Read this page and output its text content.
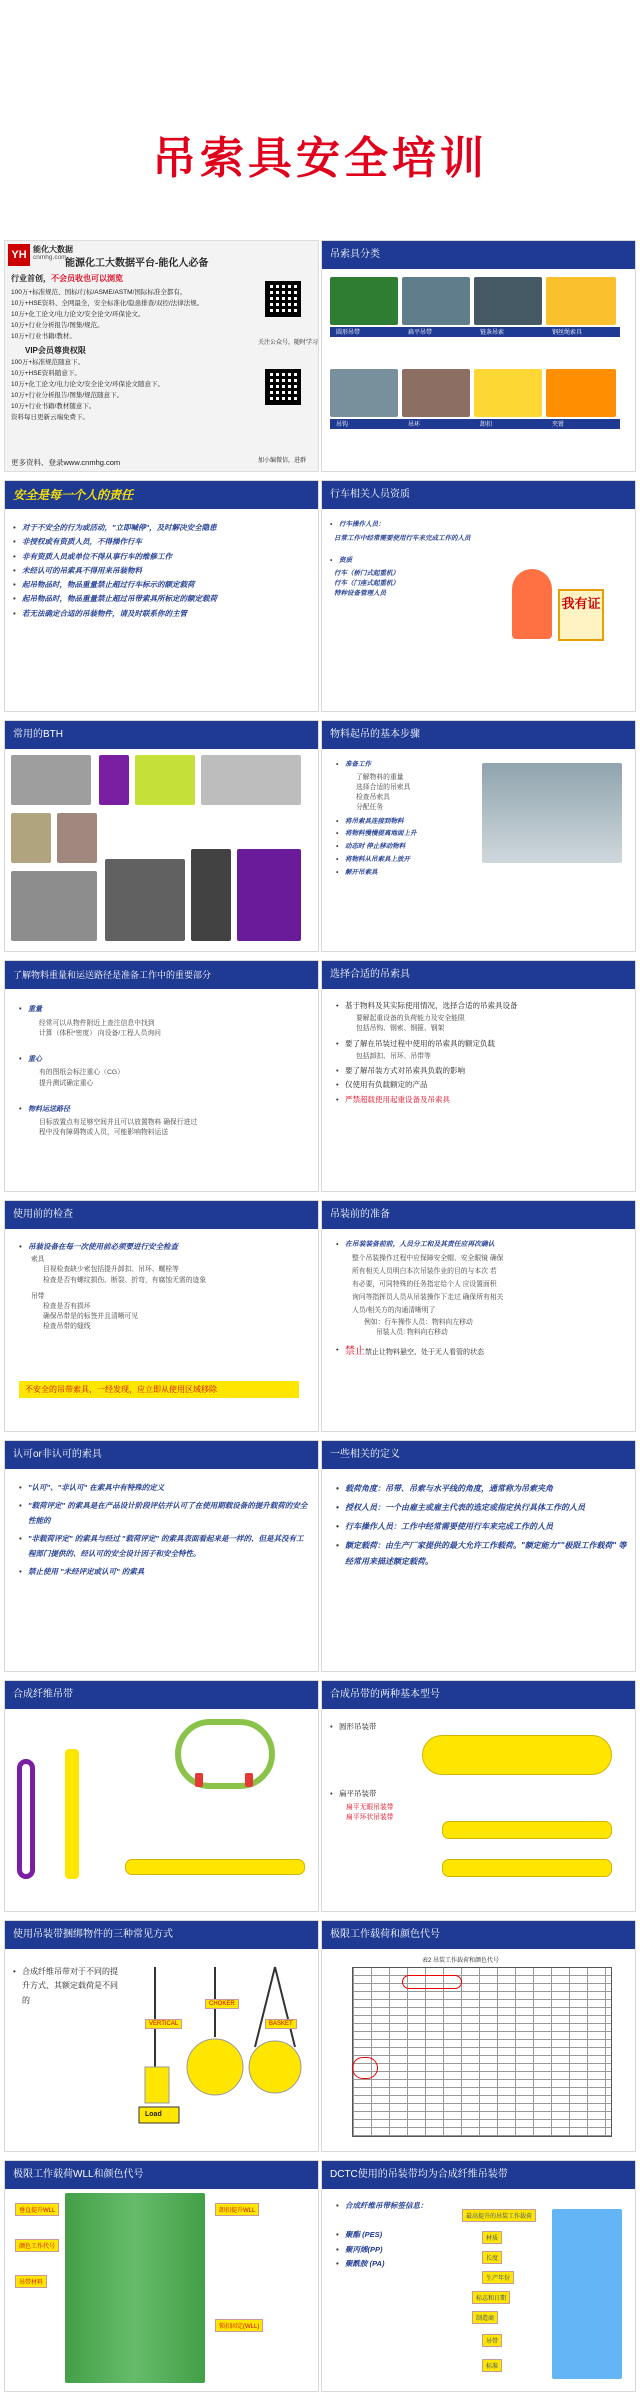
吊索具安全培训
YH 能化大数据
cnmhg.com
能源化工大数据平台-能化人必备
行业首创，不会员收也可以浏览
100万+标准规范、国标/行标/ASME/ASTM/国际标准全都有。
10万+HSE资料、全网最全，安全标准化/隐患排查/双控/法律法规。
10万+化工论文/电力论文/安全论文/环保论文。
10万+行业分析报告/图集/规范。
10万+行业书籍/教材。
VIP会员尊贵权限
100万+标准规范随意下。
10万+HSE资料随意下。
10万+化工论文/电力论文/安全论文/环保论文随意下。
10万+行业分析报告/图集/规范随意下。
10万+行业书籍/教材随意下。
资料每日更新云端免费下。
更多资料、登录www.cnmhg.com
关注公众号，随时学习
加小编微信，进群
吊索具分类
圆形吊带	扁平吊带	链条吊索	钢丝绳索具
吊钩	吊环	卸扣	夹钳
安全是每一个人的责任
• 对于不安全的行为或活动，"立即喊停"，及时解决安全隐患
• 非授权或有资质人员，不得操作行车
• 非有资质人员或单位不得从事行车的维修工作
• 未经认可的吊索具不得用来吊装物料
• 起吊物品时，物品重量禁止超过行车标示的额定载荷
• 起吊物品时，物品重量禁止超过吊带索具所标定的额定载荷
• 若无法确定合适的吊装物件，请及时联系你的主管
行车相关人员资质
• 行车操作人员：
日常工作中经常需要使用行车来完成工作的人员
• 资质
行车（桥门式起重机）
行车（门座式起重机）
特种设备管理人员
我有证
常用的BTH	物料起吊的基本步骤
• 准备工作
了解物料的重量
选择合适的吊索具
检查吊索具
分配任务
• 将吊索具连接到物料
• 将物料慢慢提离地面上升
• 动态时 停止移动物料
• 将物料从吊索具上放开
• 解开吊索具
了解物料重量和运送路径是准备工作中的重要部分
• 重量
经常可以从物件附近上查注信息中找到
计算（体积*密度） 向设备/工程人员询问
• 重心
有的图纸会标注重心（CG）
提升测试确定重心
• 物料运送路径
目标放置点有足够空间并且可以放置物料 确保行进过
程中没有障碍物或人员，可能影响物料运送
选择合适的吊索具
• 基于物料及其实际使用情况，选择合适的吊索具设备
要解起重设备的负荷能力及安全能限
包括吊钩、钢索、钢箍、钢架
• 要了解在吊装过程中使用的吊索具的额定负载
包括卸扣、吊环、吊带等
• 要了解吊装方式对吊索具负载的影响
• 仅使用有负载额定的产品
• 严禁超载使用起重设备及吊索具
使用前的检查
• 吊装设备在每一次使用前必须要进行安全检查
索具
目视检查缺少索包括提升卸扣、吊环、螺栓等
检查是否有螺纹损伤、断裂、折弯，有腐蚀无需的迹象
吊带
检查是否有损坏
确保吊带是的标签并且清晰可见
检查吊带的缝线
不安全的吊带索具，一经发现，应立即从使用区域移除
吊装前的准备
• 在吊装装备前前，人员分工和及其责任应再次确认
整个吊装操作过程中应保障安全帽、安全眼镜 确保
所有相关人员明白本次吊装作业的目的与本次 若
有必要，可同特殊的任务指定给个人 应设置面积
询问等指挥员人员从吊装操作下走过 确保所有相关
人员/相关方的沟通清晰明了
例如：行车操作人员：物料向左移动
吊装人员: 物料向右移动
• 禁止禁止让物料悬空、处于无人看管的状态
认可or非认可的索具
• "认可"、"非认可" 在索具中有特殊的定义
• "载荷评定" 的索具是在产品设计阶段评估并认可了在使用期载设备的提升载荷的安全性能的
• "非载荷评定" 的索具与经过 "载荷评定" 的索具表面看起来是一样的、但是其没有工程部门提供的、经认可的安全设计因子和安全特性。
• 禁止使用 "未经评定或认可" 的索具
一些相关的定义
• 载荷角度：吊带、吊索与水平线的角度，通常称为吊索夹角
• 授权人员：一个由雇主或雇主代表的选定或指定执行具体工作的人员
• 行车操作人员：工作中经常需要使用行车来完成工作的人员
• 额定载荷：由生产厂家提供的最大允许工作载荷。"额定能力""极限工作载荷" 等经常用来描述额定载荷。
合成纤维吊带	合成吊带的两种基本型号
• 圆形吊装带
• 扁平吊装带
扁平无眼吊装带
扁平环状吊装带
使用吊装带捆绑物件的三种常见方式
• 合成纤维吊带对于不同的提升方式、其额定载荷是不同的
VERTICAL
CHOKER
BASKET
Load
极限工作载荷和颜色代号
表2 吊装工作载荷和颜色代号
极限工作载荷WLL和颜色代号
垂直提升WLL
颜色工作代号
吊带材料
卸扣提升WLL
锁扣固定(WLL)
DCTC使用的吊装带均为合成纤维吊装带
• 合成纤维吊带标签信息：
• 聚酯 (PES)
• 聚丙烯(PP)
• 聚酰胺 (PA)
最高提升的吊装工作载荷
材质
长度
生产年份
标志和日期
制造商
吊带
标准
